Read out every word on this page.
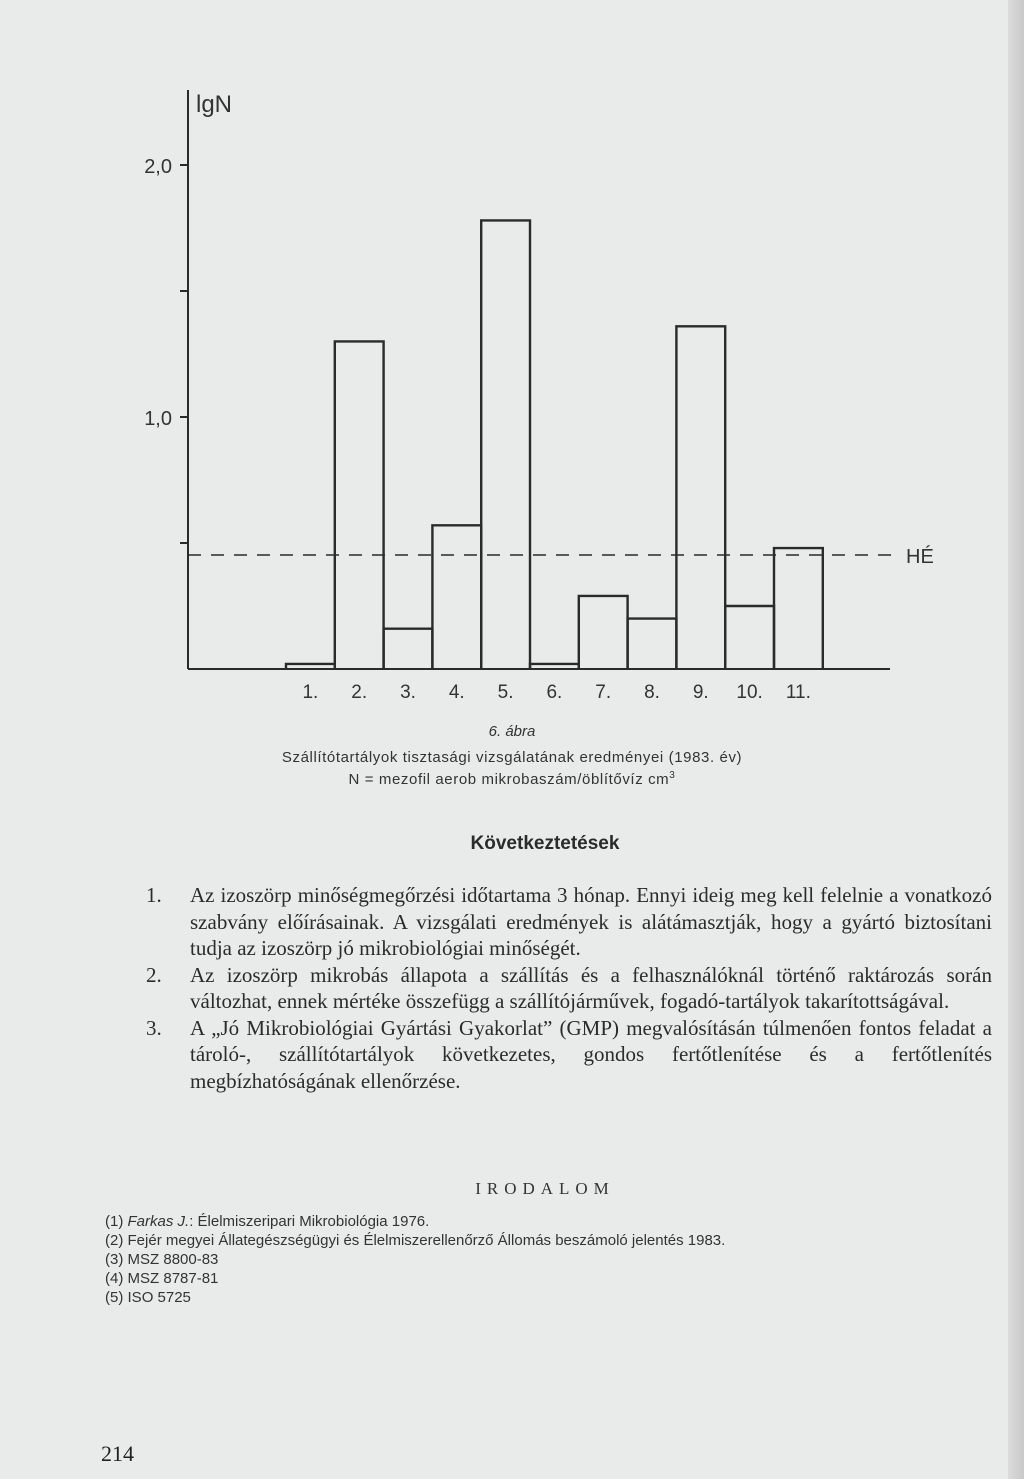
2,0
1,0
lgN
HÉ
1. 2. 3. 4. 5. 6. 7. 8. 9. 10. 11.
6. ábra
Szállítótartályok tisztasági vizsgálatának eredményei (1983. év)
N = mezofil aerob mikrobaszám/öblítővíz $cm^3$
Következtetések
1. Az izoszörp minőségmegőrzési időtartama 3 hónap. Ennyi ideig meg kell felelnie a vonatkozó szabvány előírásainak. A vizsgálati eredmények is alátámasztják, hogy a gyártó biztosítani tudja az izoszörp jó mikrobiológiai minőségét.
2. Az izoszörp mikrobás állapota a szállítás és a felhasználóknál történő raktározás során változhat, ennek mértéke összefügg a szállítójárművek, fogadó-tartályok takarítottságával.
3. A „Jó Mikrobiológiai Gyártási Gyakorlat” (GMP) megvalósításán túlmenően fontos feladat a tároló-, szállítótartályok következetes, gondos fertőtlenítése és a fertőtlenítés megbízhatóságának ellenőrzése.
IRODALOM
(1) Farkas J.: Élelmiszeripari Mikrobiológia 1976.
(2) Fejér megyei Állategészségügyi és Élelmiszerellenőrző Állomás beszámoló jelentés 1983.
(3) MSZ 8800-83
(4) MSZ 8787-81
(5) ISO 5725
214
